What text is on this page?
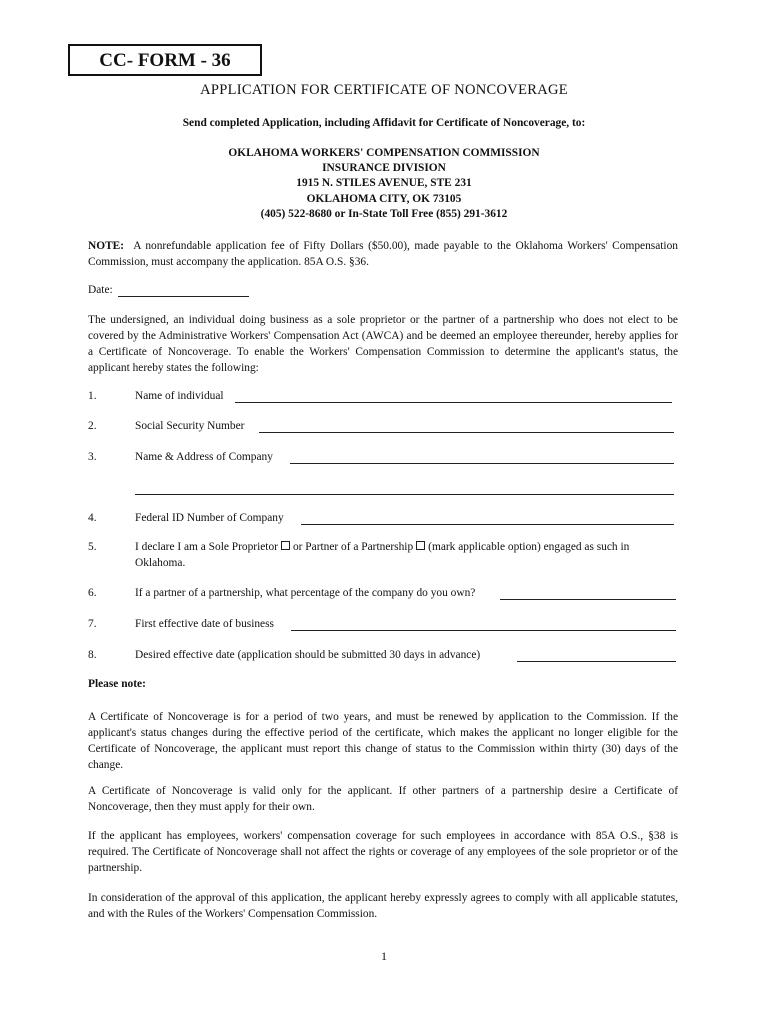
CC- FORM - 36
APPLICATION FOR CERTIFICATE OF NONCOVERAGE
Send completed Application, including Affidavit for Certificate of Noncoverage, to:
OKLAHOMA WORKERS' COMPENSATION COMMISSION
INSURANCE DIVISION
1915 N. STILES AVENUE, STE 231
OKLAHOMA CITY, OK 73105
(405) 522-8680 or In-State Toll Free (855) 291-3612
NOTE: A nonrefundable application fee of Fifty Dollars ($50.00), made payable to the Oklahoma Workers' Compensation Commission, must accompany the application. 85A O.S. §36.
Date:
The undersigned, an individual doing business as a sole proprietor or the partner of a partnership who does not elect to be covered by the Administrative Workers' Compensation Act (AWCA) and be deemed an employee thereunder, hereby applies for a Certificate of Noncoverage. To enable the Workers' Compensation Commission to determine the applicant's status, the applicant hereby states the following:
1.	Name of individual
2.	Social Security Number
3.	Name & Address of Company
4.	Federal ID Number of Company
5.	I declare I am a Sole Proprietor or Partner of a Partnership (mark applicable option) engaged as such in
Oklahoma.
6.	If a partner of a partnership, what percentage of the company do you own?
7.	First effective date of business
8.	Desired effective date (application should be submitted 30 days in advance)
Please note:
A Certificate of Noncoverage is for a period of two years, and must be renewed by application to the Commission. If the applicant's status changes during the effective period of the certificate, which makes the applicant no longer eligible for the Certificate of Noncoverage, the applicant must report this change of status to the Commission within thirty (30) days of the change.
A Certificate of Noncoverage is valid only for the applicant. If other partners of a partnership desire a Certificate of Noncoverage, then they must apply for their own.
If the applicant has employees, workers' compensation coverage for such employees in accordance with 85A O.S., §38 is required. The Certificate of Noncoverage shall not affect the rights or coverage of any employees of the sole proprietor or of the partnership.
In consideration of the approval of this application, the applicant hereby expressly agrees to comply with all applicable statutes, and with the Rules of the Workers' Compensation Commission.
1
